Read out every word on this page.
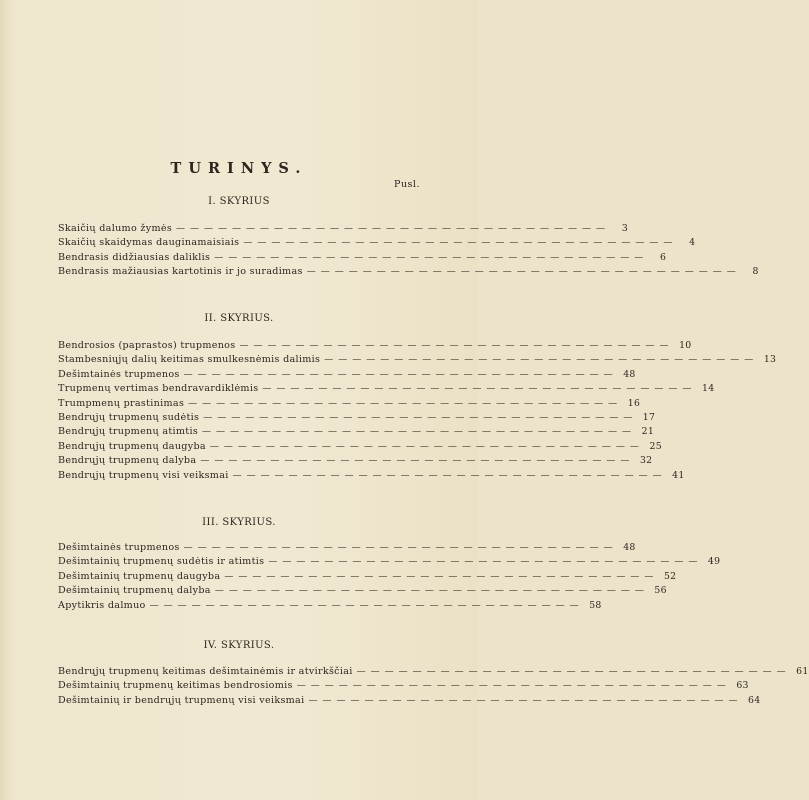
TURINYS.
Pusl.
I. SKYRIUS
Skaičių dalumo žymės ———————————————————————————————	3
Skaičių skaidymas dauginamaisiais ———————————————————————————————	4
Bendrasis didžiausias daliklis ———————————————————————————————	6
Bendrasis mažiausias kartotinis ir jo suradimas ———————————————————————————————	8
II. SKYRIUS.
Bendrosios (paprastos) trupmenos ——————————————————————————————— 10
Stambesniųjų dalių keitimas smulkesnėmis dalimis ——————————————————————————————— 13
Dešimtainės trupmenos ——————————————————————————————— 48
Trupmenų vertimas bendravardiklėmis ——————————————————————————————— 14
Trumpmenų prastinimas ——————————————————————————————— 16
Bendrųjų trupmenų sudėtis ——————————————————————————————— 17
Bendrųjų trupmenų atimtis ——————————————————————————————— 21
Bendrųjų trupmenų daugyba ——————————————————————————————— 25
Bendrųjų trupmenų dalyba ——————————————————————————————— 32
Bendrųjų trupmenų visi veiksmai ——————————————————————————————— 41
III. SKYRIUS.
Dešimtainės trupmenos ——————————————————————————————— 48
Dešimtainių trupmenų sudėtis ir atimtis ——————————————————————————————— 49
Dešimtainių trupmenų daugyba ——————————————————————————————— 52
Dešimtainių trupmenų dalyba ——————————————————————————————— 56
Apytikris dalmuo ——————————————————————————————— 58
IV. SKYRIUS.
Bendrųjų trupmenų keitimas dešimtainėmis ir atvirkščiai ——————————————————————————————— 61
Dešimtainių trupmenų keitimas bendrosiomis ——————————————————————————————— 63
Dešimtainių ir bendrųjų trupmenų visi veiksmai ——————————————————————————————— 64
